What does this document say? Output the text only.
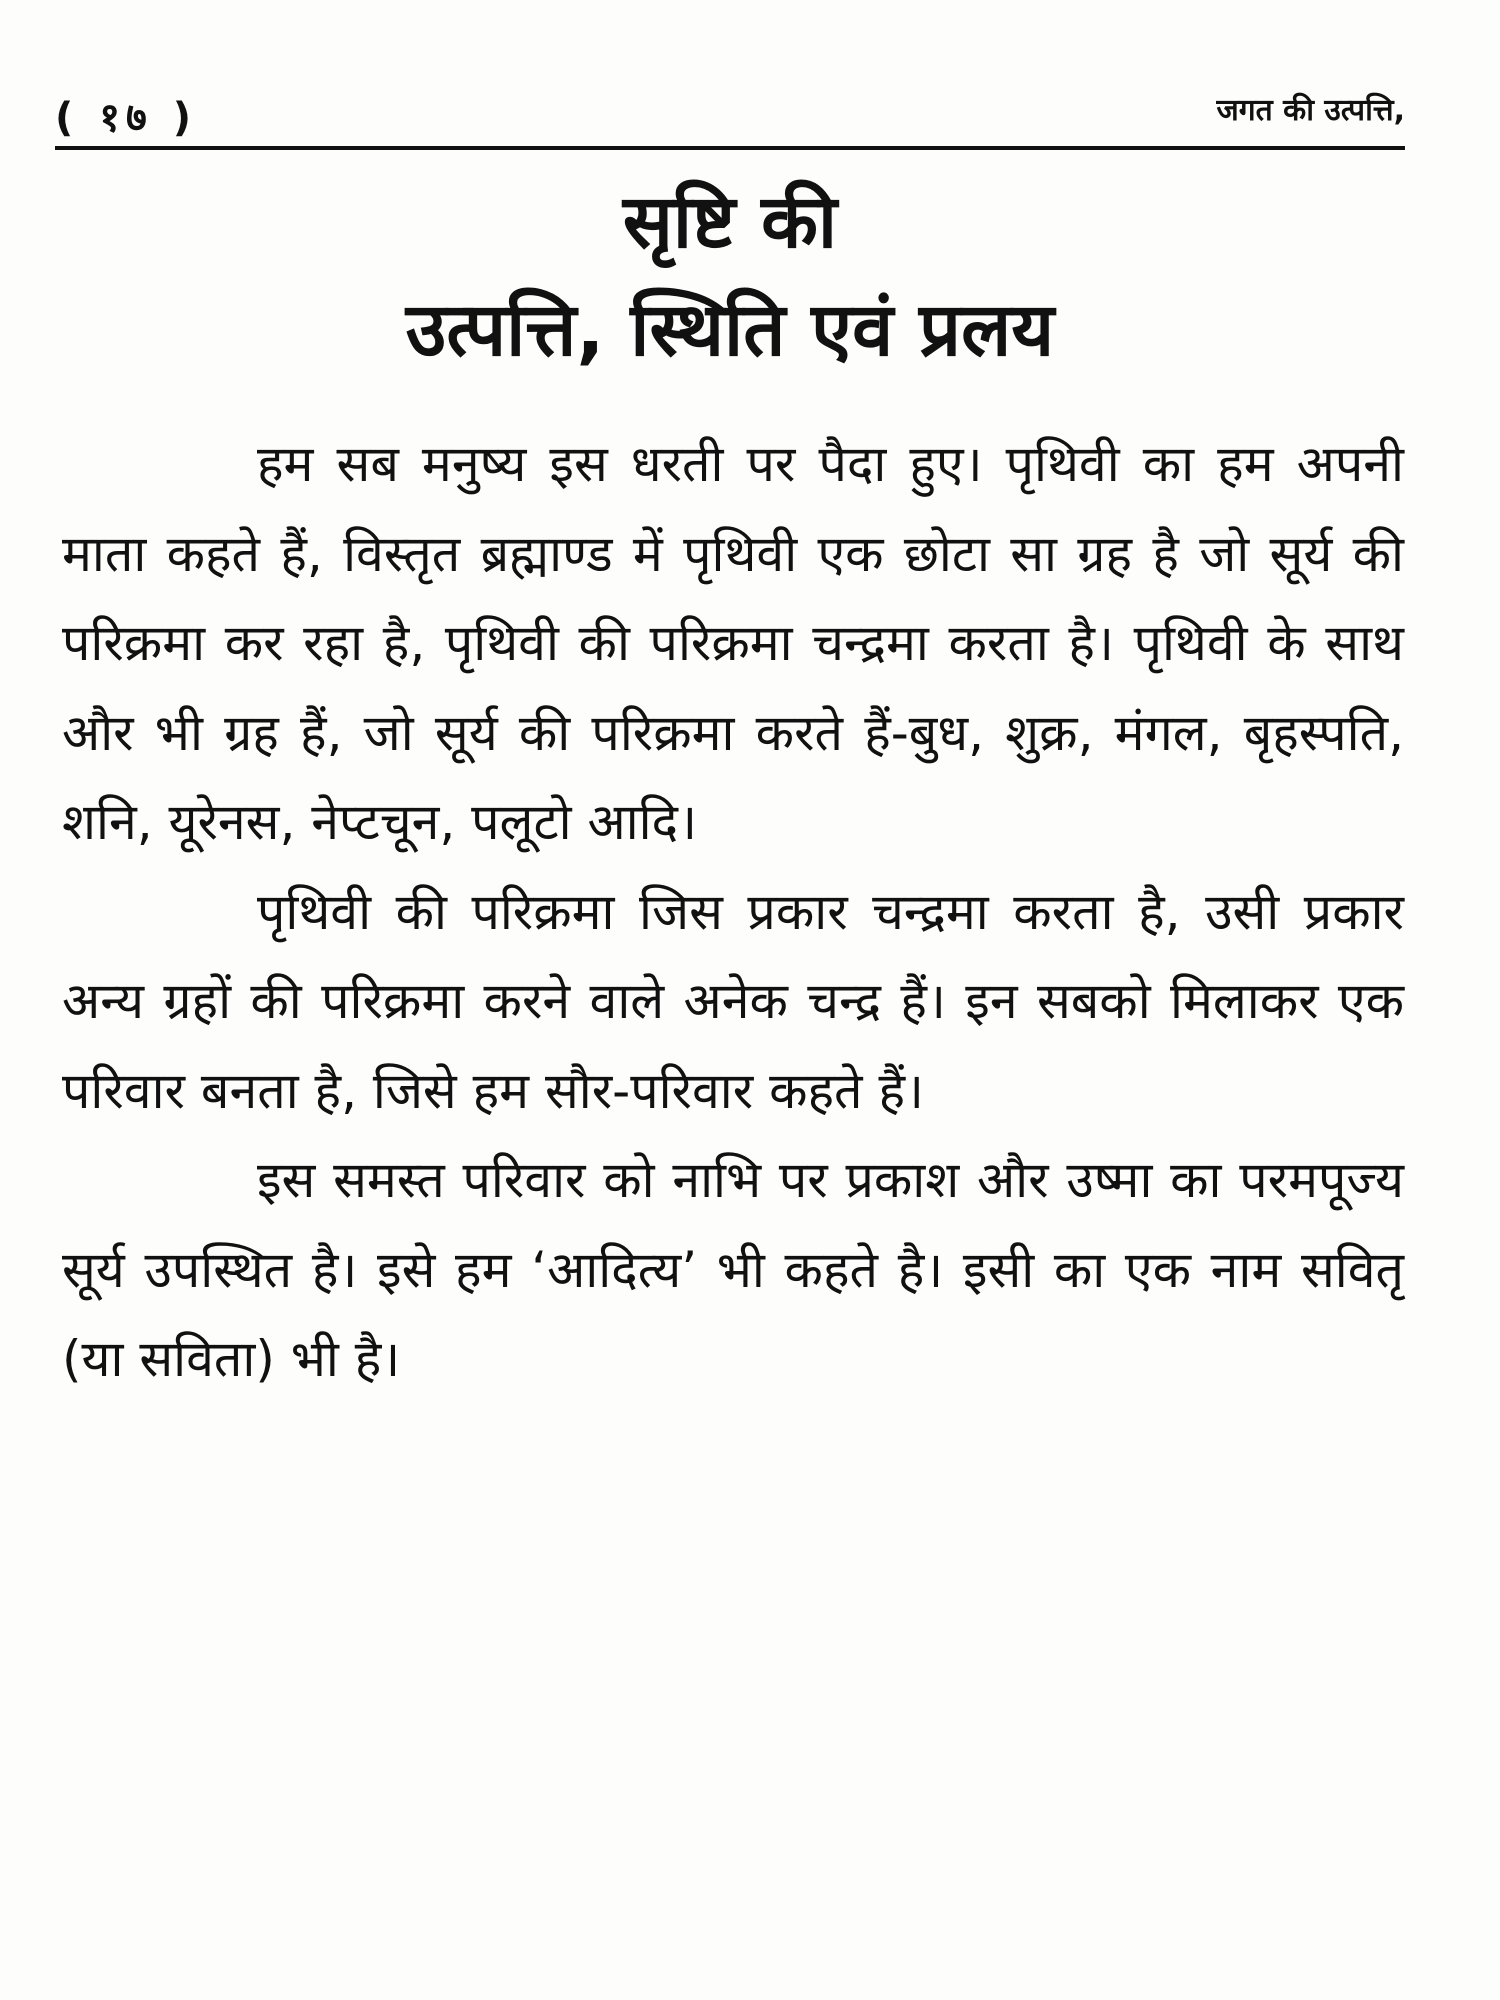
( १७ )	जगत की उत्पत्ति,
सृष्टि की
उत्पत्ति, स्थिति एवं प्रलय

हम सब मनुष्य इस धरती पर पैदा हुए। पृथिवी का हम अपनी माता कहते हैं, विस्तृत ब्रह्माण्ड में पृथिवी एक छोटा सा ग्रह है जो सूर्य की परिक्रमा कर रहा है, पृथिवी की परिक्रमा चन्द्रमा करता है। पृथिवी के साथ और भी ग्रह हैं, जो सूर्य की परिक्रमा करते हैं-बुध, शुक्र, मंगल, बृहस्पति, शनि, यूरेनस, नेप्टचून, पलूटो आदि।

पृथिवी की परिक्रमा जिस प्रकार चन्द्रमा करता है, उसी प्रकार अन्य ग्रहों की परिक्रमा करने वाले अनेक चन्द्र हैं। इन सबको मिलाकर एक परिवार बनता है, जिसे हम सौर-परिवार कहते हैं।

इस समस्त परिवार को नाभि पर प्रकाश और उष्मा का परमपूज्य सूर्य उपस्थित है। इसे हम ‘आदित्य’ भी कहते है। इसी का एक नाम सवितृ (या सविता) भी है।
